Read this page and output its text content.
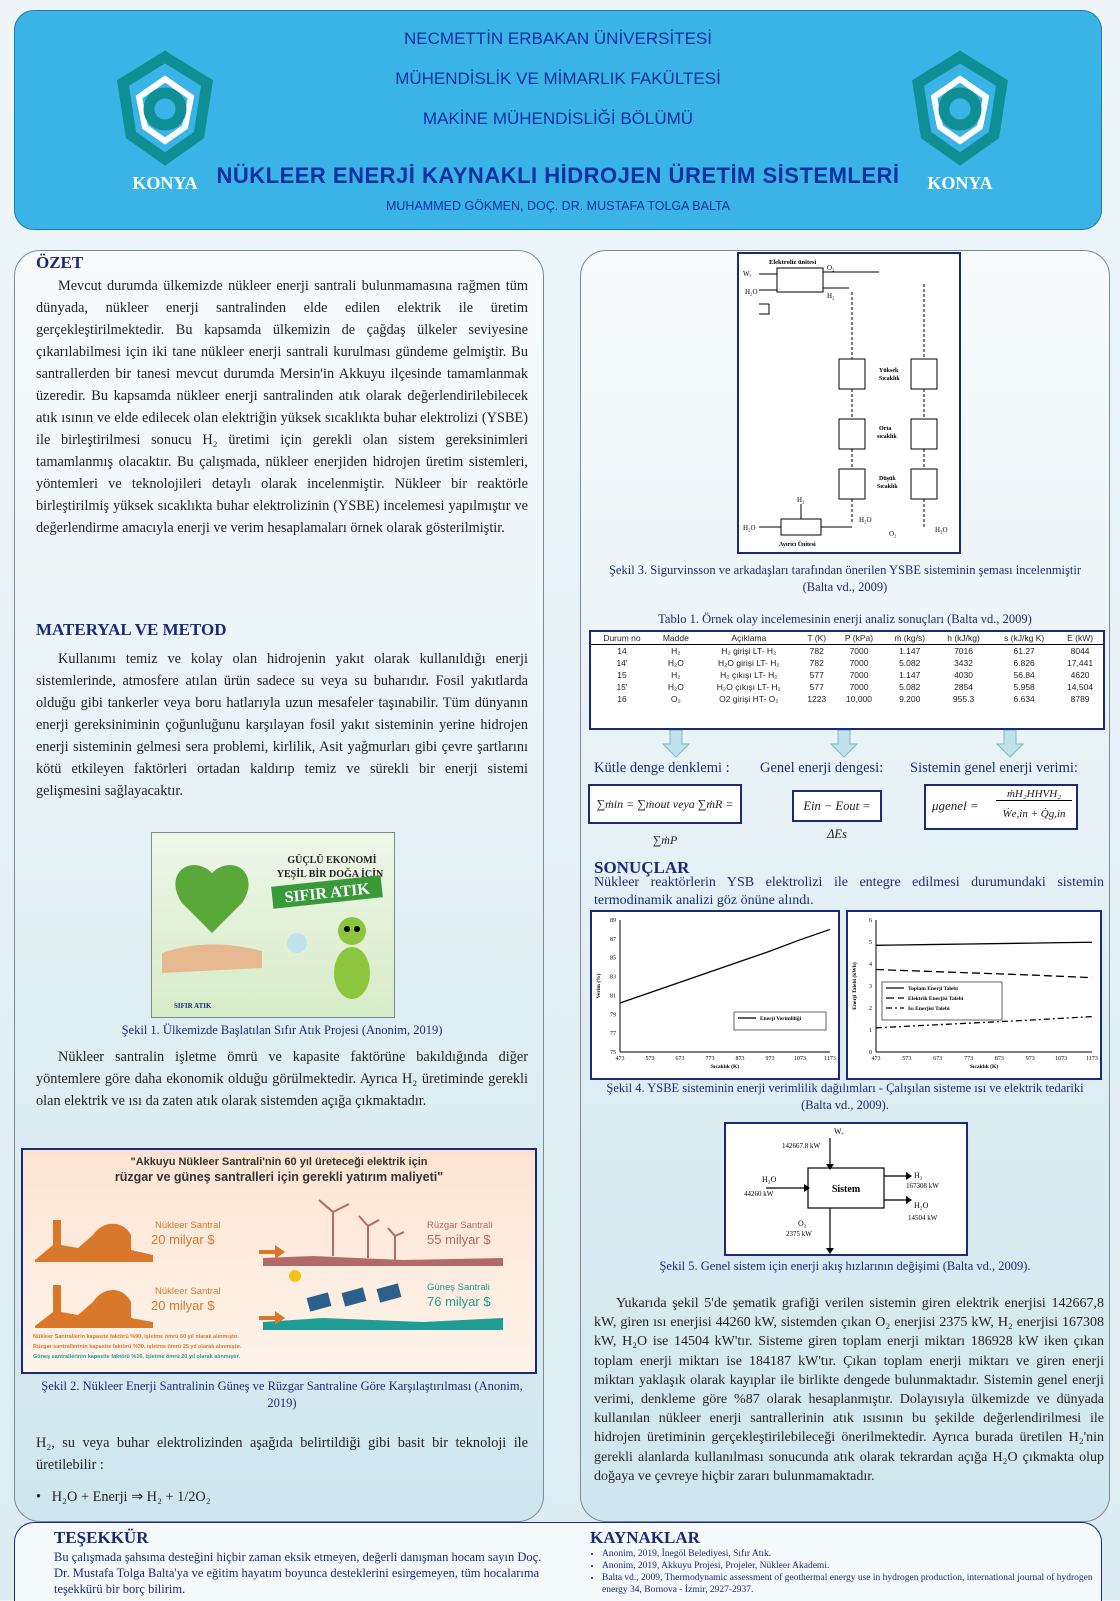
KONYA	KONYA
NECMETTİN ERBAKAN ÜNİVERSİTESİ
MÜHENDİSLİK VE MİMARLIK FAKÜLTESİ
MAKİNE MÜHENDİSLİĞİ BÖLÜMÜ
NÜKLEER ENERJİ KAYNAKLI HİDROJEN ÜRETİM SİSTEMLERİ
MUHAMMED GÖKMEN, DOÇ. DR. MUSTAFA TOLGA BALTA
ÖZET

Mevcut durumda ülkemizde nükleer enerji santrali bulunmamasına rağmen tüm dünyada, nükleer enerji santralinden elde edilen elektrik ile üretim gerçekleştirilmektedir. Bu kapsamda ülkemizin de çağdaş ülkeler seviyesine çıkarılabilmesi için iki tane nükleer enerji santrali kurulması gündeme gelmiştir. Bu santrallerden bir tanesi mevcut durumda Mersin'in Akkuyu ilçesinde tamamlanmak üzeredir. Bu kapsamda nükleer enerji santralinden atık olarak değerlendirilebilecek atık ısının ve elde edilecek olan elektriğin yüksek sıcaklıkta buhar elektrolizi (YSBE) ile birleştirilmesi sonucu H₂ üretimi için gerekli olan sistem gereksinimleri tamamlanmış olacaktır. Bu çalışmada, nükleer enerjiden hidrojen üretim sistemleri, yöntemleri ve teknolojileri detaylı olarak incelenmiştir. Nükleer bir reaktörle birleştirilmiş yüksek sıcaklıkta buhar elektrolizinin (YSBE) incelemesi yapılmıştır ve değerlendirme amacıyla enerji ve verim hesaplamaları örnek olarak gösterilmiştir.

MATERYAL VE METOD

Kullanımı temiz ve kolay olan hidrojenin yakıt olarak kullanıldığı enerji sistemlerinde, atmosfere atılan ürün sadece su veya su buharıdır. Fosil yakıtlarda olduğu gibi tankerler veya boru hatlarıyla uzun mesafeler taşınabilir. Tüm dünyanın enerji gereksiniminin çoğunluğunu karşılayan fosil yakıt sisteminin yerine hidrojen enerji sisteminin gelmesi sera problemi, kirlilik, Asit yağmurları gibi çevre şartlarını kötü etkileyen faktörleri ortadan kaldırıp temiz ve sürekli bir enerji sistemi gelişmesini sağlayacaktır.

GÜÇLÜ EKONOMİ
YEŞİL BİR DOĞA İÇİN
SIFIR ATIK
SIFIR ATIK
Şekil 1. Ülkemizde Başlatılan Sıfır Atık Projesi (Anonim, 2019)

Nükleer santralin işletme ömrü ve kapasite faktörüne bakıldığında diğer yöntemlere göre daha ekonomik olduğu görülmektedir. Ayrıca H₂ üretiminde gerekli olan elektrik ve ısı da zaten atık olarak sistemden açığa çıkmaktadır.

"Akkuyu Nükleer Santrali'nin 60 yıl üreteceği elektrik için
rüzgar ve güneş santralleri için gerekli yatırım maliyeti"
Nükleer Santral
20 milyar $
Rüzgar Santrali
55 milyar $
Nükleer Santral
20 milyar $
Güneş Santrali
76 milyar $
Nükleer Santrallerin kapasite faktörü %90, işletme ömrü 60 yıl olarak alınmıştır.
Rüzgar santrallerinin kapasite faktörü %30, işletme ömrü 25 yıl olarak alınmıştır.
Güneş santrallerinin kapasite faktörü %16, işletme ömrü 20 yıl olarak alınmıştır.
Şekil 2. Nükleer Enerji Santralinin Güneş ve Rüzgar Santraline Göre Karşılaştırılması (Anonim, 2019)

H₂, su veya buhar elektrolizinden aşağıda belirtildiği gibi basit bir teknoloji ile üretilebilir :

•   H₂O + Enerji ⇒ H₂ + 1/2O₂
Elektroliz ünitesi
Wₑ
O₂
H₂O	H₂
Yüksek
Sıcaklık
Orta
sıcaklık
Düşük
Sıcaklık
H₂
H₂O
Ayırıcı Ünitesi
H₂O
O₂	H₂O
Şekil 3. Sigurvinsson ve arkadaşları tarafından önerilen YSBE sisteminin şeması incelenmiştir (Balta vd., 2009)
Tablo 1. Örnek olay incelemesinin enerji analiz sonuçları (Balta vd., 2009)
Durum no	Madde	Açıklama	T (K)	P (kPa)	ṁ (kg/s)	h (kJ/kg)	s (kJ/kg K)	Ė (kW)
14	H₂	H₂ girişi LT- H₂	782	7000	1.147	7016	61.27	8044
14'	H₂O	H₂O girişi LT- H₂	782	7000	5.082	3432	6.826	17,441
15	H₂	H₂ çıkışı LT- H₂	577	7000	1.147	4030	56.84	4620
15'	H₂O	H₂O çıkışı LT- H₂	577	7000	5.082	2854	5.958	14,504
16	O₂	O2 girişi HT- O₂	1223	10,000	9.200	955.3	6.634	8789
Kütle denge denklemi : Genel enerji dengesi: Sistemin genel enerji verimi:
∑ṁin = ∑ṁout veya ∑ṁR = ∑ṁP
Ein − Eout = ΔEs
μgenel =
ṁH₂HHVH₂
Ẇe,in + Q̇g,in
SONUÇLAR

Nükleer reaktörlerin YSB elektrolizi ile entegre edilmesi durumundaki sistemin termodinamik analizi göz önüne alındı.

75
77
79
81
83
85
87
89
473	573	673	773	873	973	1073	1173
Sıcaklık (K)
Verim (%)
Enerji Verimliliği
0
1
2
3
4
5
6
473	573	673	773	873	973	1073	1173
Sıcaklık (K)
Enerji Talebi (kWh)	Toplam Enerji Talebi
Elektrik Enerjisi Talebi
Isı Enerjisi Talebi
Şekil 4. YSBE sisteminin enerji verimlilik dağılımları - Çalışılan sisteme ısı ve elektrik tedariki (Balta vd., 2009).
Wₑ
142667.8 kW
H₂O
44260 kW	Sistem
H₂
167308 kW
H₂O
14504 kW
O₂
2375 kW
Şekil 5. Genel sistem için enerji akış hızlarının değişimi (Balta vd., 2009).

Yukarıda şekil 5'de şematik grafiği verilen sistemin giren elektrik enerjisi 142667,8 kW, giren ısı enerjisi 44260 kW, sistemden çıkan O₂ enerjisi 2375 kW, H₂ enerjisi 167308 kW, H₂O ise 14504 kW'tır. Sisteme giren toplam enerji miktarı 186928 kW iken çıkan toplam enerji miktarı ise 184187 kW'tır. Çıkan toplam enerji miktarı ve giren enerji miktarı yaklaşık olarak kayıplar ile birlikte dengede bulunmaktadır. Sistemin genel enerji verimi, denkleme göre %87 olarak hesaplanmıştır. Dolayısıyla ülkemizde ve dünyada kullanılan nükleer enerji santrallerinin atık ısısının bu şekilde değerlendirilmesi ile hidrojen üretiminin gerçekleştirilebileceği önerilmektedir. Ayrıca burada üretilen H₂'nin gerekli alanlarda kullanılması sonucunda atık olarak tekrardan açığa H₂O çıkmakta olup doğaya ve çevreye hiçbir zararı bulunmamaktadır.

TEŞEKKÜR

Bu çalışmada şahsıma desteğini hiçbir zaman eksik etmeyen, değerli danışman hocam sayın Doç. Dr. Mustafa Tolga Balta'ya ve eğitim hayatım boyunca desteklerini esirgemeyen, tüm hocalarıma teşekkürü bir borç bilirim.

KAYNAKLAR
• Anonim, 2019, İnegöl Belediyesi, Sıfır Atık.
• Anonim, 2019, Akkuyu Projesi, Projeler, Nükleer Akademi.
• Balta vd., 2009, Thermodynamic assessment of geothermal energy use in hydrogen production, international journal of hydrogen energy 34, Bornova - İzmir, 2927-2937.
